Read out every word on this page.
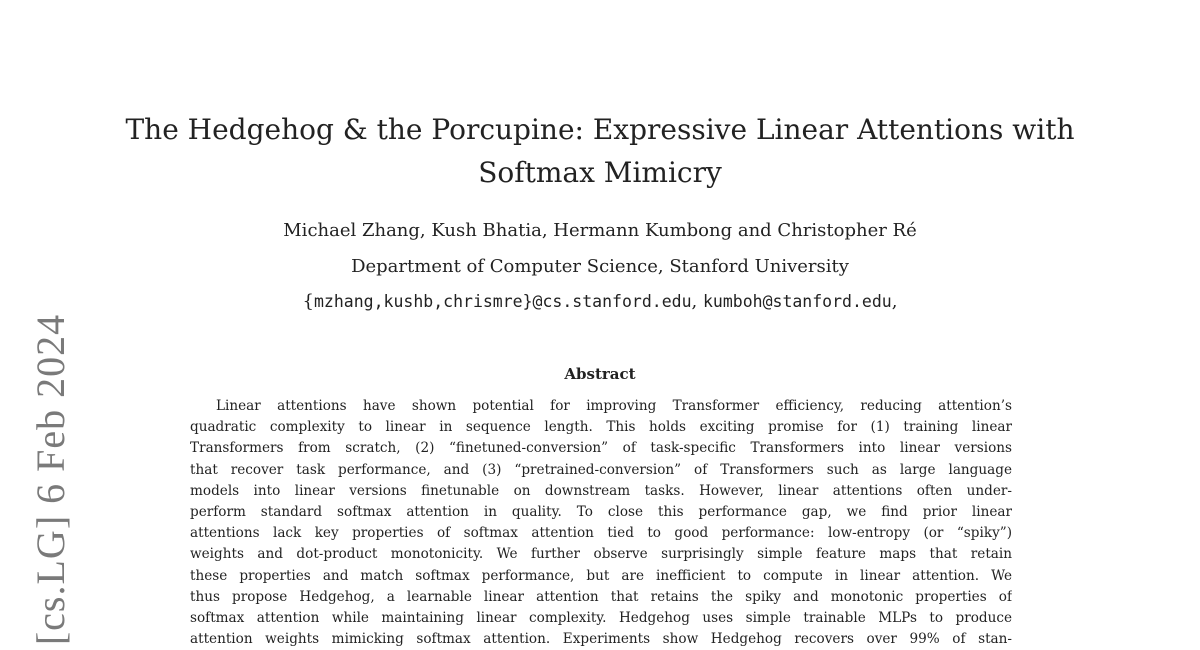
[cs.LG] 6 Feb 2024
The Hedgehog & the Porcupine: Expressive Linear Attentions with
Softmax Mimicry
Michael Zhang, Kush Bhatia, Hermann Kumbong and Christopher Ré
Department of Computer Science, Stanford University
{mzhang,kushb,chrismre}@cs.stanford.edu, kumboh@stanford.edu,
Abstract
Linear attentions have shown potential for improving Transformer efficiency, reducing attention’s
quadratic complexity to linear in sequence length. This holds exciting promise for (1) training linear
Transformers from scratch, (2) “finetuned-conversion” of task-specific Transformers into linear versions
that recover task performance, and (3) “pretrained-conversion” of Transformers such as large language
models into linear versions finetunable on downstream tasks. However, linear attentions often under-
perform standard softmax attention in quality. To close this performance gap, we find prior linear
attentions lack key properties of softmax attention tied to good performance: low-entropy (or “spiky”)
weights and dot-product monotonicity. We further observe surprisingly simple feature maps that retain
these properties and match softmax performance, but are inefficient to compute in linear attention. We
thus propose Hedgehog, a learnable linear attention that retains the spiky and monotonic properties of
softmax attention while maintaining linear complexity. Hedgehog uses simple trainable MLPs to produce
attention weights mimicking softmax attention. Experiments show Hedgehog recovers over 99% of stan-
